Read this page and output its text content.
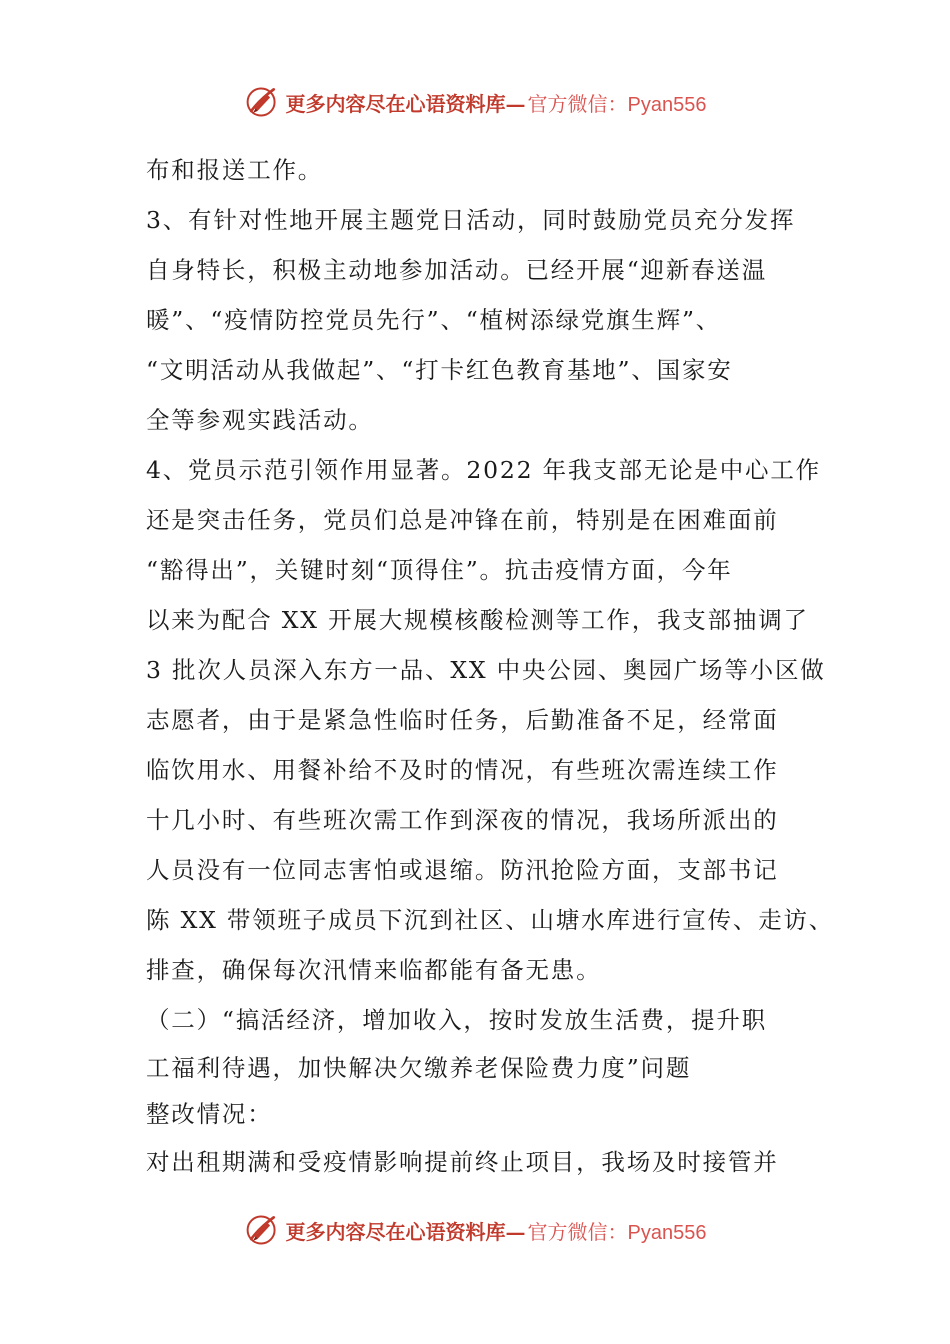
更多内容尽在心语资料库 — 官方微信： Pyan556
布和报送工作。
3、有针对性地开展主题党日活动，同时鼓励党员充分发挥
自身特长，积极主动地参加活动。已经开展“迎新春送温
暖”、“疫情防控党员先行”、“植树添绿党旗生辉”、
“文明活动从我做起”、“打卡红色教育基地”、国家安
全等参观实践活动。
4、党员示范引领作用显著。2022 年我支部无论是中心工作
还是突击任务，党员们总是冲锋在前，特别是在困难面前
“豁得出”，关键时刻“顶得住”。抗击疫情方面，今年
以来为配合 XX 开展大规模核酸检测等工作，我支部抽调了
3 批次人员深入东方一品、XX 中央公园、奥园广场等小区做
志愿者，由于是紧急性临时任务，后勤准备不足，经常面
临饮用水、用餐补给不及时的情况，有些班次需连续工作
十几小时、有些班次需工作到深夜的情况，我场所派出的
人员没有一位同志害怕或退缩。防汛抢险方面，支部书记
陈 XX 带领班子成员下沉到社区、山塘水库进行宣传、走访、
排查，确保每次汛情来临都能有备无患。
（二）“搞活经济，增加收入，按时发放生活费，提升职
工福利待遇，加快解决欠缴养老保险费力度”问题
整改情况：
对出租期满和受疫情影响提前终止项目，我场及时接管并
更多内容尽在心语资料库 — 官方微信： Pyan556
